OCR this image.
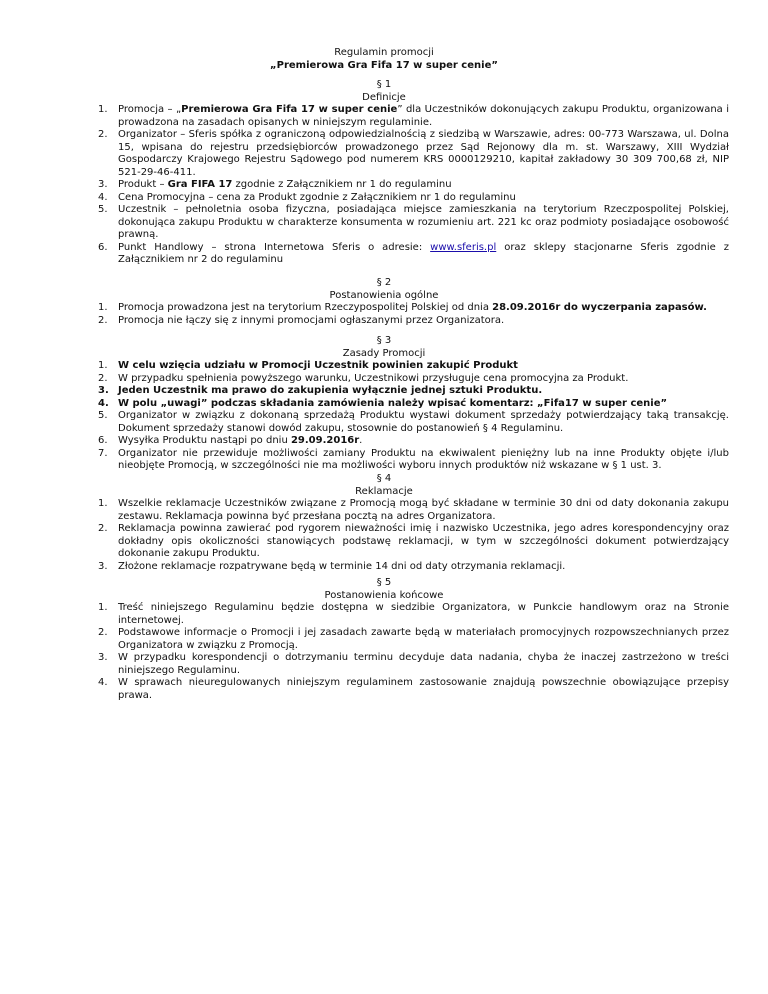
Regulamin promocji
„Premierowa Gra Fifa 17 w super cenie”
§ 1
Definicje
1.	Promocja – „Premierowa Gra Fifa 17 w super cenie” dla Uczestników dokonujących zakupu Produktu, organizowana i prowadzona na zasadach opisanych w niniejszym regulaminie.
2.	Organizator – Sferis spółka z ograniczoną odpowiedzialnością z siedzibą w Warszawie, adres: 00-773 Warszawa, ul. Dolna 15, wpisana do rejestru przedsiębiorców prowadzonego przez Sąd Rejonowy dla m. st. Warszawy, XIII Wydział Gospodarczy Krajowego Rejestru Sądowego pod numerem KRS 0000129210, kapitał zakładowy 30 309 700,68 zł, NIP 521-29-46-411.
3.	Produkt – Gra FIFA 17 zgodnie z Załącznikiem nr 1 do regulaminu
4.	Cena Promocyjna – cena za Produkt zgodnie z Załącznikiem nr 1 do regulaminu
5.	Uczestnik – pełnoletnia osoba fizyczna, posiadająca miejsce zamieszkania na terytorium Rzeczpospolitej Polskiej, dokonująca zakupu Produktu w charakterze konsumenta w rozumieniu art. 221 kc oraz podmioty posiadające osobowość prawną.
6.	Punkt Handlowy – strona Internetowa Sferis o adresie: www.sferis.pl oraz sklepy stacjonarne Sferis zgodnie z Załącznikiem nr 2 do regulaminu
§ 2
Postanowienia ogólne
1.	Promocja prowadzona jest na terytorium Rzeczypospolitej Polskiej od dnia 28.09.2016r do wyczerpania zapasów.
2.	Promocja nie łączy się z innymi promocjami ogłaszanymi przez Organizatora.
§ 3
Zasady Promocji
1.	W celu wzięcia udziału w Promocji Uczestnik powinien zakupić Produkt
2.	W przypadku spełnienia powyższego warunku, Uczestnikowi przysługuje cena promocyjna za Produkt.
3. Jeden Uczestnik ma prawo do zakupienia wyłącznie jednej sztuki Produktu.
4. W polu „uwagi” podczas składania zamówienia należy wpisać komentarz: „Fifa17 w super cenie”
5.	Organizator w związku z dokonaną sprzedażą Produktu wystawi dokument sprzedaży potwierdzający taką transakcję. Dokument sprzedaży stanowi dowód zakupu, stosownie do postanowień § 4 Regulaminu.
6.	Wysyłka Produktu nastąpi po dniu 29.09.2016r.
7.	Organizator nie przewiduje możliwości zamiany Produktu na ekwiwalent pieniężny lub na inne Produkty objęte i/lub nieobjęte Promocją, w szczególności nie ma możliwości wyboru innych produktów niż wskazane w § 1 ust. 3.
§ 4
Reklamacje
1.	Wszelkie reklamacje Uczestników związane z Promocją mogą być składane w terminie 30 dni od daty dokonania zakupu zestawu. Reklamacja powinna być przesłana pocztą na adres Organizatora.
2.	Reklamacja powinna zawierać pod rygorem nieważności imię i nazwisko Uczestnika, jego adres korespondencyjny oraz dokładny opis okoliczności stanowiących podstawę reklamacji, w tym w szczególności dokument potwierdzający dokonanie zakupu Produktu.
3.	Złożone reklamacje rozpatrywane będą w terminie 14 dni od daty otrzymania reklamacji.
§ 5
Postanowienia końcowe
1.	Treść niniejszego Regulaminu będzie dostępna w siedzibie Organizatora, w Punkcie handlowym oraz na Stronie internetowej.
2.	Podstawowe informacje o Promocji i jej zasadach zawarte będą w materiałach promocyjnych rozpowszechnianych przez Organizatora w związku z Promocją.
3.	W przypadku korespondencji o dotrzymaniu terminu decyduje data nadania, chyba że inaczej zastrzeżono w treści niniejszego Regulaminu.
4.	W sprawach nieuregulowanych niniejszym regulaminem zastosowanie znajdują powszechnie obowiązujące przepisy prawa.
